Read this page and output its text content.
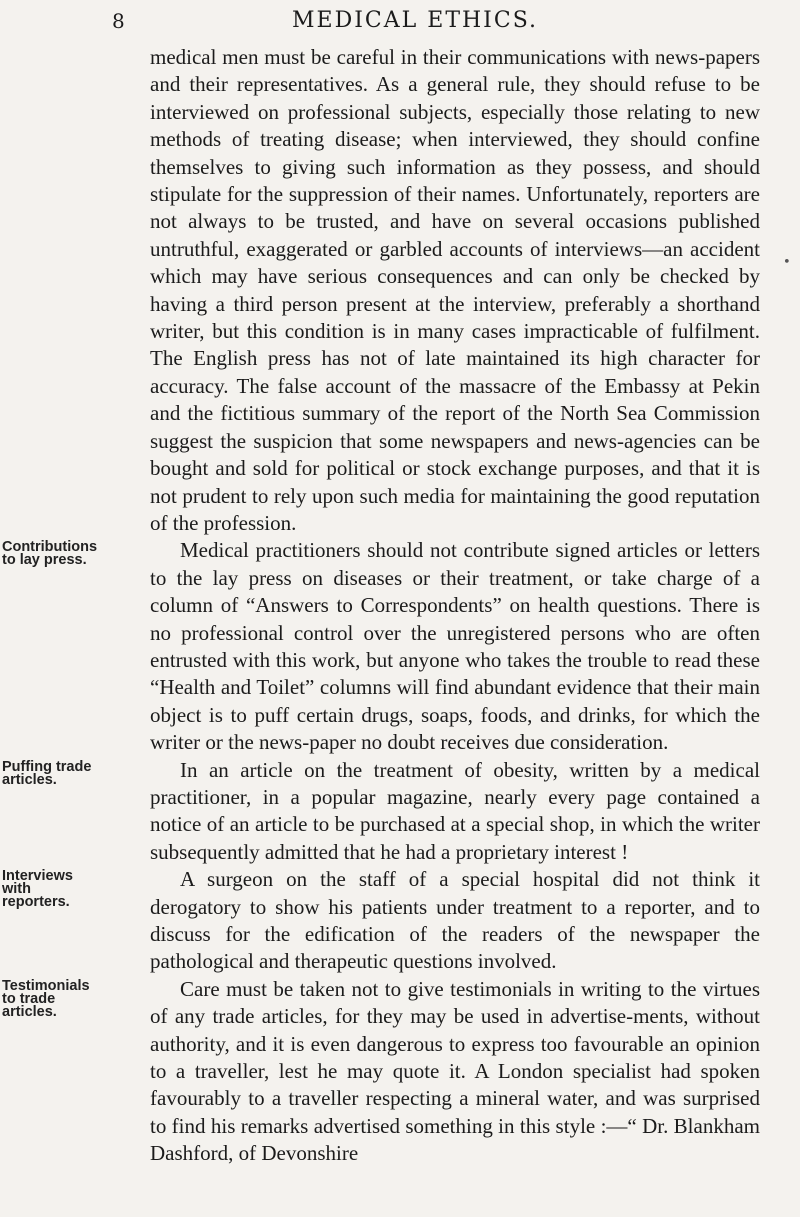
8	MEDICAL ETHICS.
medical men must be careful in their communications with news-papers and their representatives. As a general rule, they should refuse to be interviewed on professional subjects, especially those relating to new methods of treating disease; when interviewed, they should confine themselves to giving such information as they possess, and should stipulate for the suppression of their names. Unfortunately, reporters are not always to be trusted, and have on several occasions published untruthful, exaggerated or garbled accounts of interviews—an accident which may have serious consequences and can only be checked by having a third person present at the interview, preferably a shorthand writer, but this condition is in many cases impracticable of fulfilment. The English press has not of late maintained its high character for accuracy. The false account of the massacre of the Embassy at Pekin and the fictitious summary of the report of the North Sea Commission suggest the suspicion that some newspapers and news-agencies can be bought and sold for political or stock exchange purposes, and that it is not prudent to rely upon such media for maintaining the good reputation of the profession.
Contributions
to lay press.	Medical practitioners should not contribute signed articles or letters to the lay press on diseases or their treatment, or take charge of a column of “Answers to Correspondents” on health questions. There is no professional control over the unregistered persons who are often entrusted with this work, but anyone who takes the trouble to read these “Health and Toilet” columns will find abundant evidence that their main object is to puff certain drugs, soaps, foods, and drinks, for which the writer or the news-paper no doubt receives due consideration.
Puffing trade
articles.	In an article on the treatment of obesity, written by a medical practitioner, in a popular magazine, nearly every page contained a notice of an article to be purchased at a special shop, in which the writer subsequently admitted that he had a proprietary interest !
Interviews
with
reporters.
A surgeon on the staff of a special hospital did not think it derogatory to show his patients under treatment to a reporter, and to discuss for the edification of the readers of the newspaper the pathological and therapeutic questions involved.
Testimonials
to trade
articles.
Care must be taken not to give testimonials in writing to the virtues of any trade articles, for they may be used in advertise-ments, without authority, and it is even dangerous to express too favourable an opinion to a traveller, lest he may quote it. A London specialist had spoken favourably to a traveller respecting a mineral water, and was surprised to find his remarks advertised something in this style :—“ Dr. Blankham Dashford, of Devonshire
•
